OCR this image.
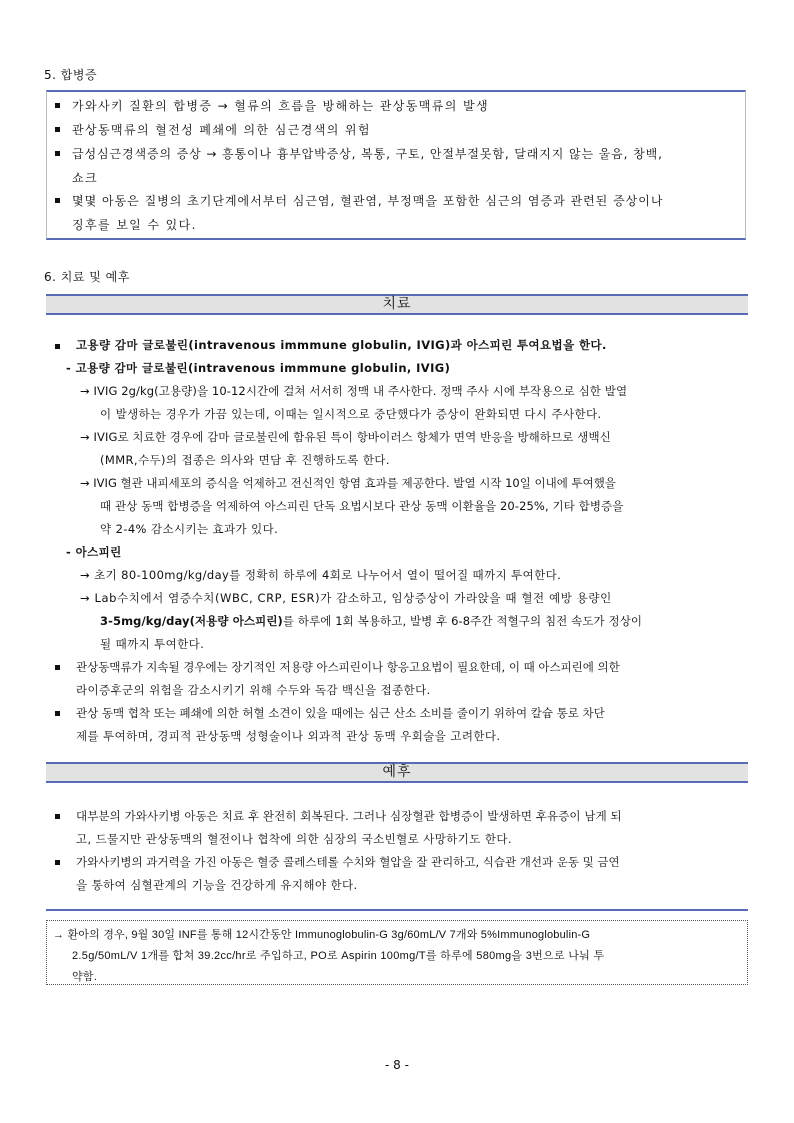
5. 합병증
가와사키 질환의 합병증 → 혈류의 흐름을 방해하는 관상동맥류의 발생
관상동맥류의 혈전성 폐쇄에 의한 심근경색의 위험
급성심근경색증의 증상 → 흥통이나 흉부압박증상, 복통, 구토, 안절부절못함, 달래지지 않는 울음, 창백,
쇼크
몇몇 아동은 질병의 초기단계에서부터 심근염, 혈관염, 부정맥을 포함한 심근의 염증과 관련된 증상이나
징후를 보일 수 있다.
6. 치료 및 예후
치료
고용량 감마 글로불린(intravenous immmune globulin, IVIG)과 아스피린 투여요법을 한다.
- 고용량 감마 글로불린(intravenous immmune globulin, IVIG)
→ IVIG 2g/kg(고용량)을 10-12시간에 걸쳐 서서히 정맥 내 주사한다. 정맥 주사 시에 부작용으로 심한 발열
이 발생하는 경우가 가끔 있는데, 이때는 일시적으로 중단했다가 증상이 완화되면 다시 주사한다.
→ IVIG로 치료한 경우에 감마 글로불린에 함유된 특이 항바이러스 항체가 면역 반응을 방해하므로 생백신
(MMR,수두)의 접종은 의사와 면담 후 진행하도록 한다.
→ IVIG 혈관 내피세포의 증식을 억제하고 전신적인 항염 효과를 제공한다. 발열 시작 10일 이내에 투여했을
때 관상 동맥 합병증을 억제하여 아스피린 단독 요법시보다 관상 동맥 이환율을 20-25%, 기타 합병증을
약 2-4% 감소시키는 효과가 있다.
- 아스피린
→ 초기 80-100mg/kg/day를 정확히 하루에 4회로 나누어서 열이 떨어질 때까지 투여한다.
→ Lab수치에서 염증수치(WBC, CRP, ESR)가 감소하고, 임상증상이 가라앉을 때 혈전 예방 용량인
3-5mg/kg/day(저용량 아스피린)를 하루에 1회 복용하고, 발병 후 6-8주간 적혈구의 침전 속도가 정상이
될 때까지 투여한다.
관상동맥류가 지속될 경우에는 장기적인 저용량 아스피린이나 항응고요법이 필요한데, 이 때 아스피린에 의한
라이증후군의 위험을 감소시키기 위해 수두와 독감 백신을 접종한다.
관상 동맥 협착 또는 폐쇄에 의한 허혈 소견이 있을 때에는 심근 산소 소비를 줄이기 위하여 칼슘 통로 차단
제를 투여하며, 경피적 관상동맥 성형술이나 외과적 관상 동맥 우회술을 고려한다.
예후
대부분의 가와사키병 아동은 치료 후 완전히 회복된다. 그러나 심장혈관 합병증이 발생하면 후유증이 남게 되
고, 드물지만 관상동맥의 혈전이나 협착에 의한 심장의 국소빈혈로 사망하기도 한다.
가와사키병의 과거력을 가진 아동은 혈중 콜레스테롤 수치와 혈압을 잘 관리하고, 식습관 개선과 운동 및 금연
을 통하여 심혈관계의 기능을 건강하게 유지해야 한다.
→ 환아의 경우, 9월 30일 INF를 통해 12시간동안 Immunoglobulin-G 3g/60mL/V 7개와 5%Immunoglobulin-G
2.5g/50mL/V 1개를 합쳐 39.2cc/hr로 주입하고, PO로 Aspirin 100mg/T를 하루에 580mg을 3번으로 나눠 투
약함.
- 8 -
